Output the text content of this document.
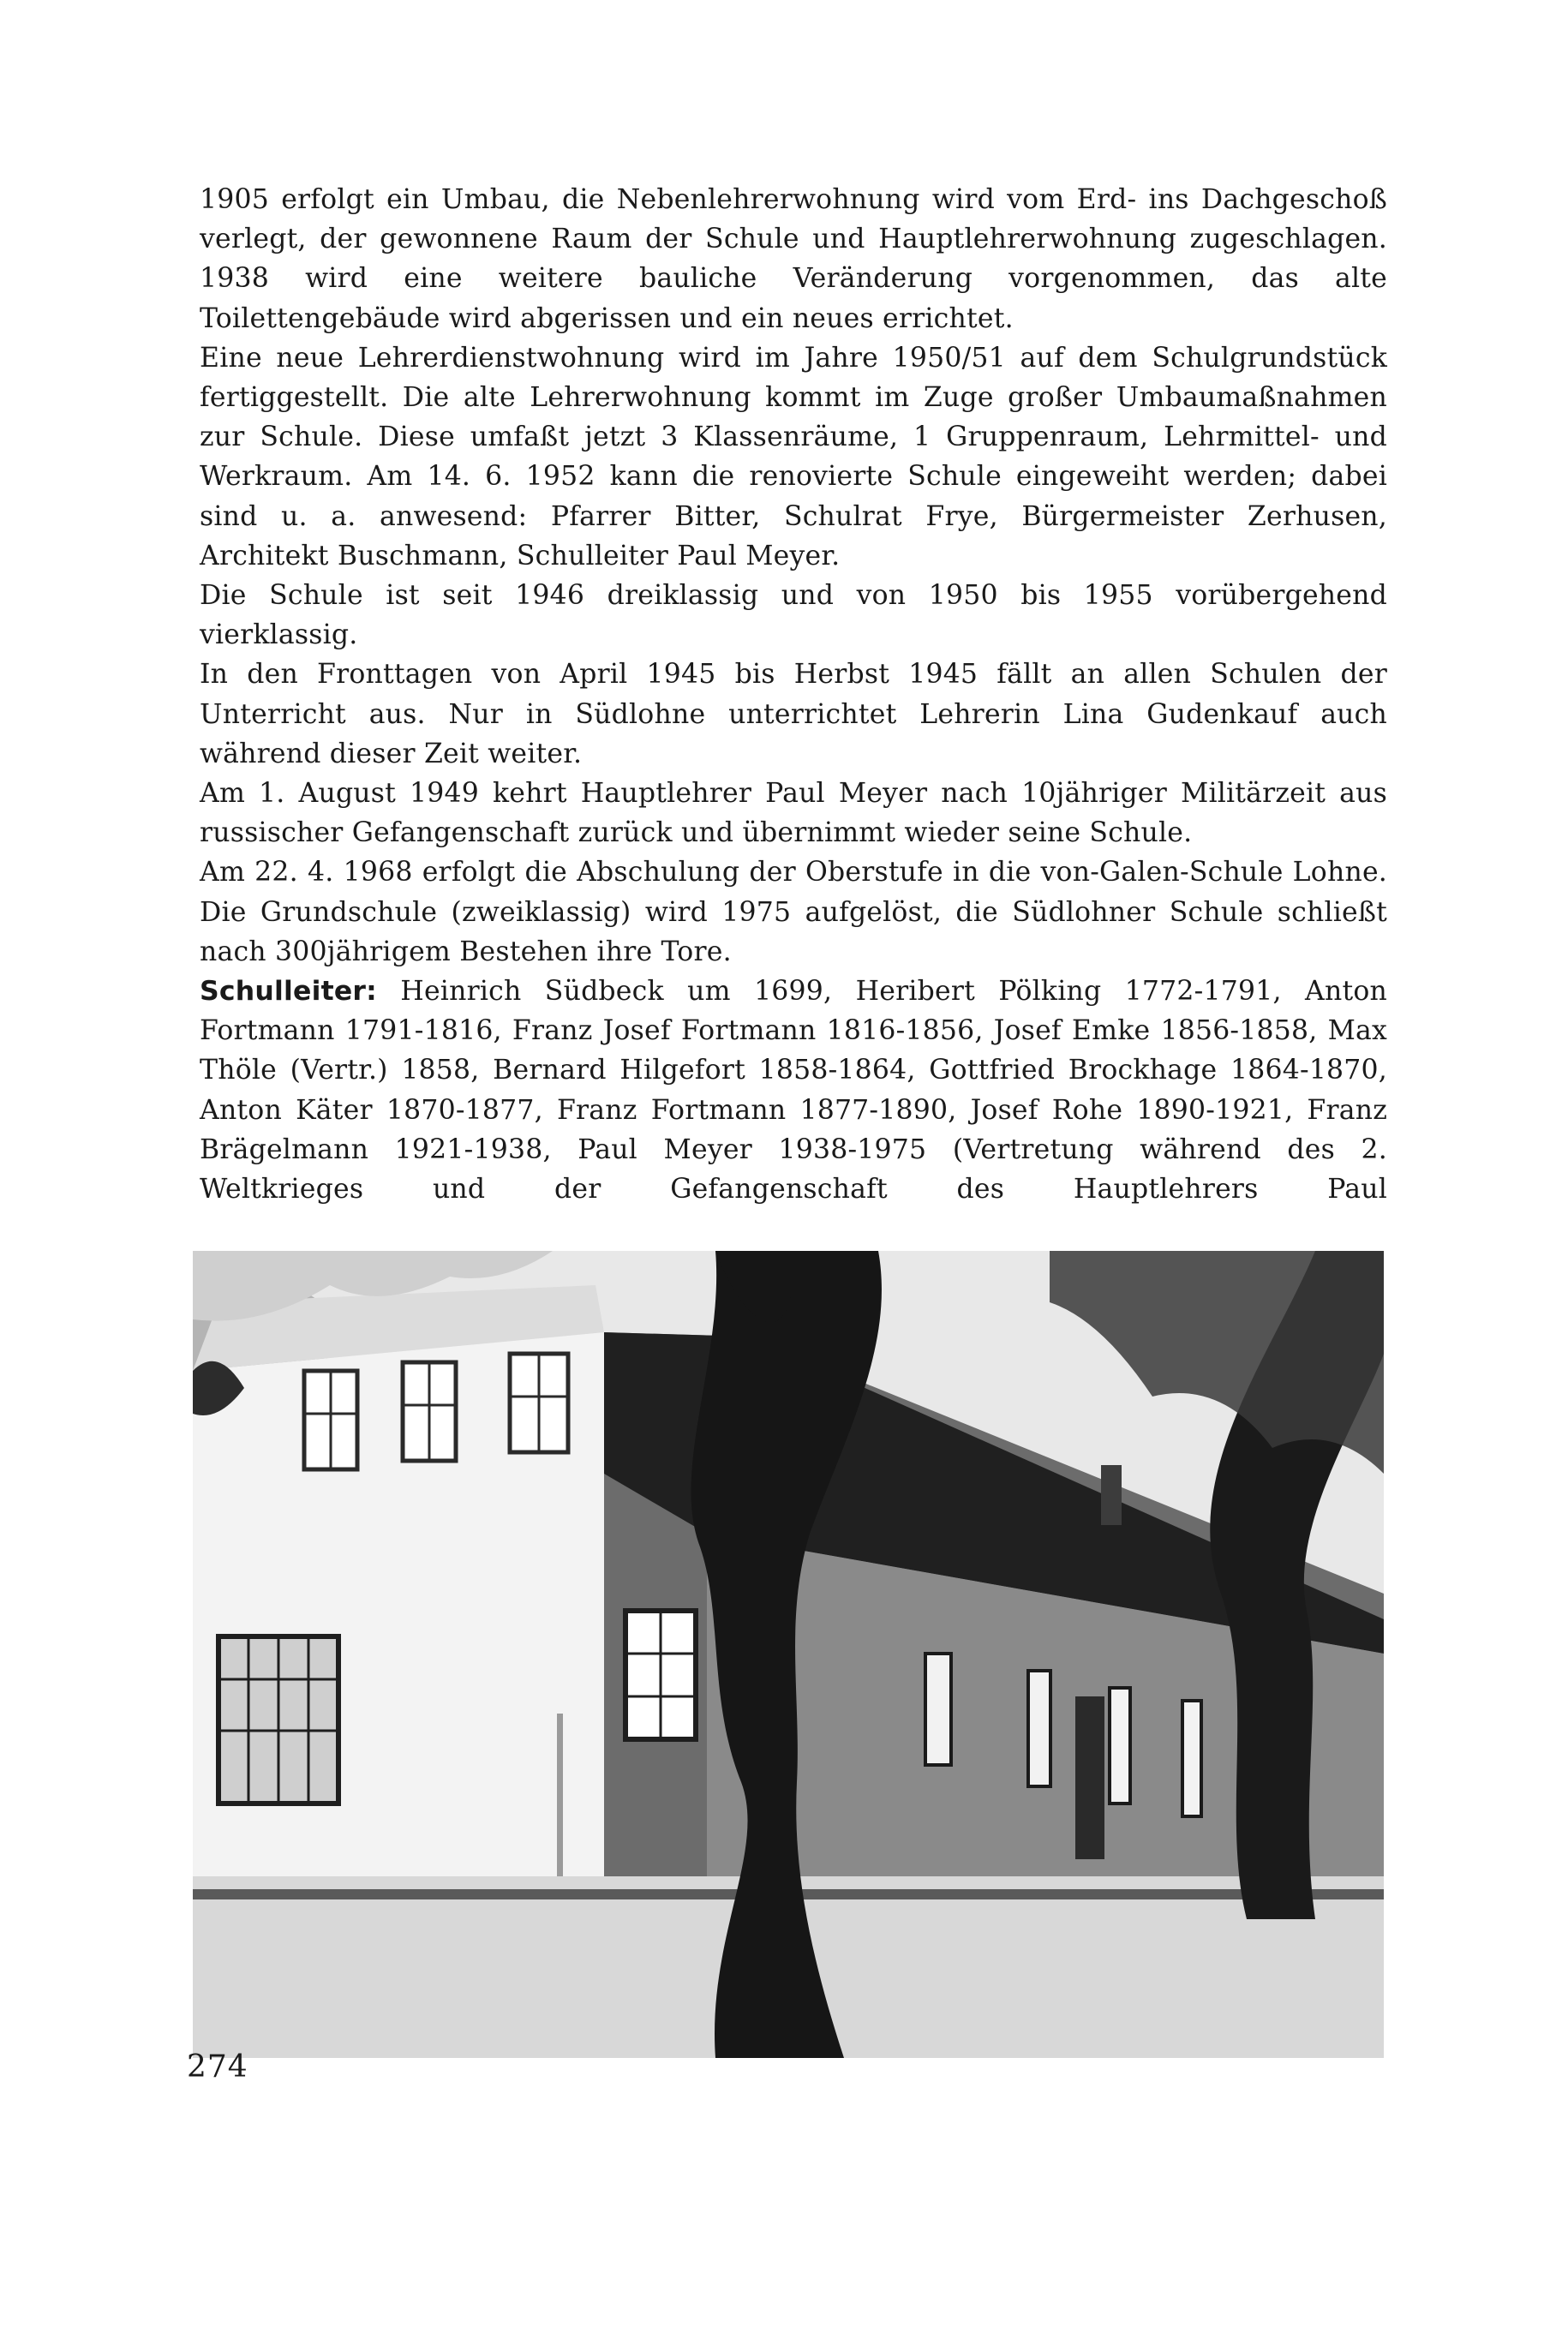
1905 erfolgt ein Umbau, die Nebenlehrerwohnung wird vom Erd- ins Dachgeschoß verlegt, der gewonnene Raum der Schule und Hauptlehrerwohnung zugeschlagen. 1938 wird eine weitere bauliche Veränderung vorgenommen, das alte Toilettengebäude wird abgerissen und ein neues errichtet.

Eine neue Lehrerdienstwohnung wird im Jahre 1950/51 auf dem Schulgrundstück fertiggestellt. Die alte Lehrerwohnung kommt im Zuge großer Umbaumaßnahmen zur Schule. Diese umfaßt jetzt 3 Klassenräume, 1 Gruppenraum, Lehrmittel- und Werkraum. Am 14. 6. 1952 kann die renovierte Schule eingeweiht werden; dabei sind u. a. anwesend: Pfarrer Bitter, Schulrat Frye, Bürgermeister Zerhusen, Architekt Buschmann, Schulleiter Paul Meyer.

Die Schule ist seit 1946 dreiklassig und von 1950 bis 1955 vorübergehend vierklassig.

In den Fronttagen von April 1945 bis Herbst 1945 fällt an allen Schulen der Unterricht aus. Nur in Südlohne unterrichtet Lehrerin Lina Gudenkauf auch während dieser Zeit weiter.

Am 1. August 1949 kehrt Hauptlehrer Paul Meyer nach 10jähriger Militärzeit aus russischer Gefangenschaft zurück und übernimmt wieder seine Schule.

Am 22. 4. 1968 erfolgt die Abschulung der Oberstufe in die von-Galen-Schule Lohne. Die Grundschule (zweiklassig) wird 1975 aufgelöst, die Südlohner Schule schließt nach 300jährigem Bestehen ihre Tore.

Schulleiter: Heinrich Südbeck um 1699, Heribert Pölking 1772-1791, Anton Fortmann 1791-1816, Franz Josef Fortmann 1816-1856, Josef Emke 1856-1858, Max Thöle (Vertr.) 1858, Bernard Hilgefort 1858-1864, Gottfried Brockhage 1864-1870, Anton Käter 1870-1877, Franz Fortmann 1877-1890, Josef Rohe 1890-1921, Franz Brägelmann 1921-1938, Paul Meyer 1938-1975 (Vertretung während des 2. Weltkrieges und der Gefangenschaft des Hauptlehrers Paul

274
